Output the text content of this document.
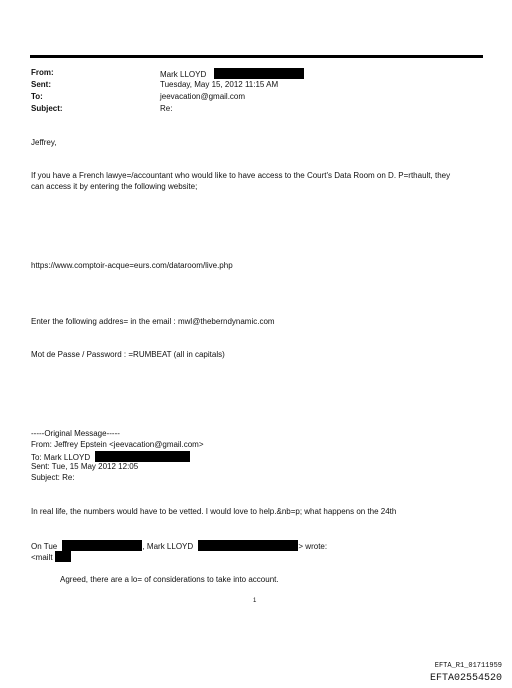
From:
Sent:
To:
Subject:
Mark LLOYD
Tuesday, May 15, 2012 11:15 AM
jeevacation@gmail.com
Re:
Jeffrey,
If you have a French lawye=/accountant who would like to have access to the Court's Data Room on D. P=rthault, they
can access it by entering the following website;
https://www.comptoir-acque=eurs.com/dataroom/live.php
Enter the following addres= in the email : mwl@theberndynamic.com
Mot de Passe / Password : =RUMBEAT (all in capitals)
-----Original Message-----
From: Jeffrey Epstein <jeevacation@gmail.com>
To: Mark LLOYD
Sent: Tue, 15 May 2012 12:05
Subject: Re:
In real life, the numbers would have to be vetted. I would love to help.&nb=p; what happens on the 24th
On Tue	, Mark LLOYD	> wrote:
<mailt
Agreed, there are a lo= of considerations to take into account.
1
EFTA_R1_01711959
EFTA02554520
